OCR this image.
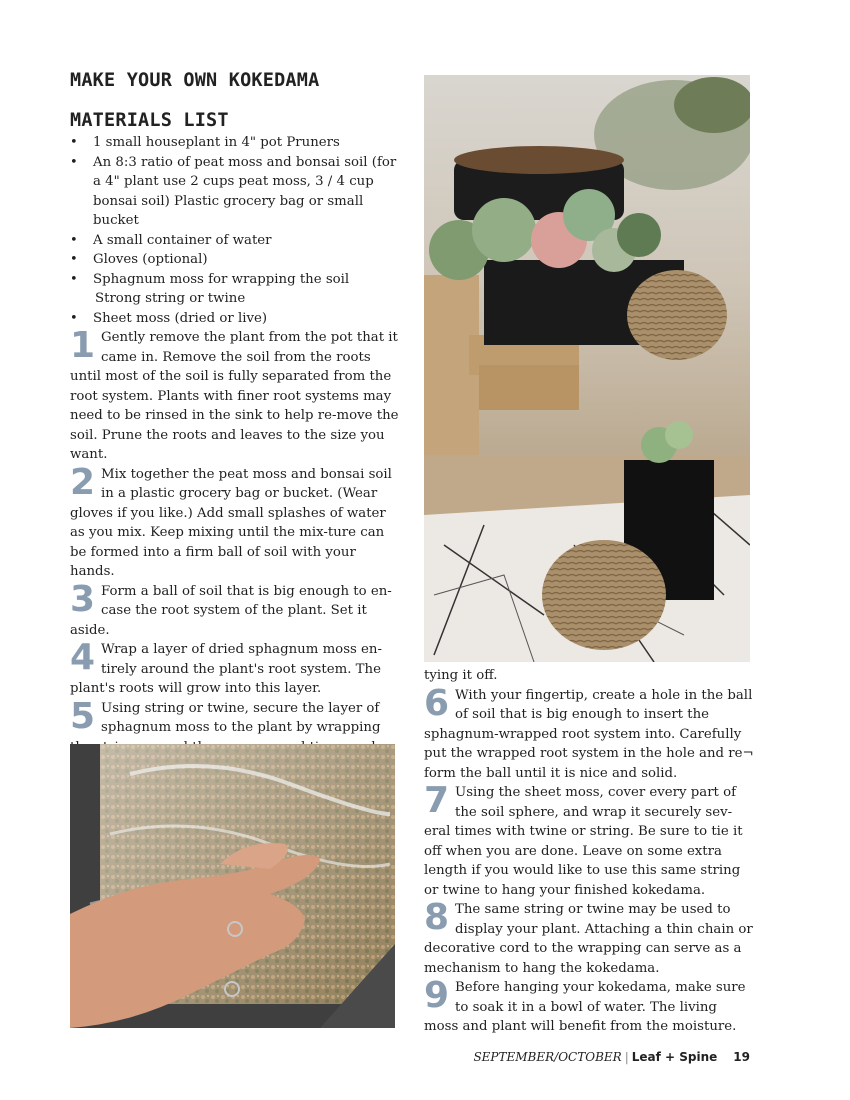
MAKE YOUR OWN KOKEDAMA
MATERIALS LIST
• 1 small houseplant in 4" pot Pruners
• An 8:3 ratio of peat moss and bonsai soil (for a 4" plant use 2 cups peat moss, 3 / 4 cup bonsai soil) Plastic grocery bag or small bucket
• A small container of water
• Gloves (optional)
• Sphagnum moss for wrapping the soil
Strong string or twine
• Sheet moss (dried or live)
1 Gently remove the plant from the pot that it came in. Remove the soil from the roots until most of the soil is fully separated from the root system. Plants with finer root systems may need to be rinsed in the sink to help re-move the soil. Prune the roots and leaves to the size you want.
2 Mix together the peat moss and bonsai soil in a plastic grocery bag or bucket. (Wear gloves if you like.) Add small splashes of water as you mix. Keep mixing until the mix-ture can be formed into a firm ball of soil with your hands.
3 Form a ball of soil that is big enough to en-case the root system of the plant. Set it aside.
4 Wrap a layer of dried sphagnum moss en-tirely around the plant's root system. The plant's roots will grow into this layer.
5 Using string or twine, secure the layer of sphagnum moss to the plant by wrapping
tying it off.
6 With your fingertip, create a hole in the ball of soil that is big enough to insert the sphagnum-wrapped root system into. Carefully put the wrapped root system in the hole and re¬ form the ball until it is nice and solid.
7 Using the sheet moss, cover every part of the soil sphere, and wrap it securely sev-eral times with twine or string. Be sure to tie it off when you are done. Leave on some extra length if you would like to use this same string or twine to hang your finished kokedama.
8 The same string or twine may be used to display your plant. Attaching a thin chain or decorative cord to the wrapping can serve as a mechanism to hang the kokedama.
9 Before hanging your kokedama, make sure to soak it in a bowl of water. The living moss and plant will benefit from the moisture.
SEPTEMBER/OCTOBER | Leaf + Spine 19
